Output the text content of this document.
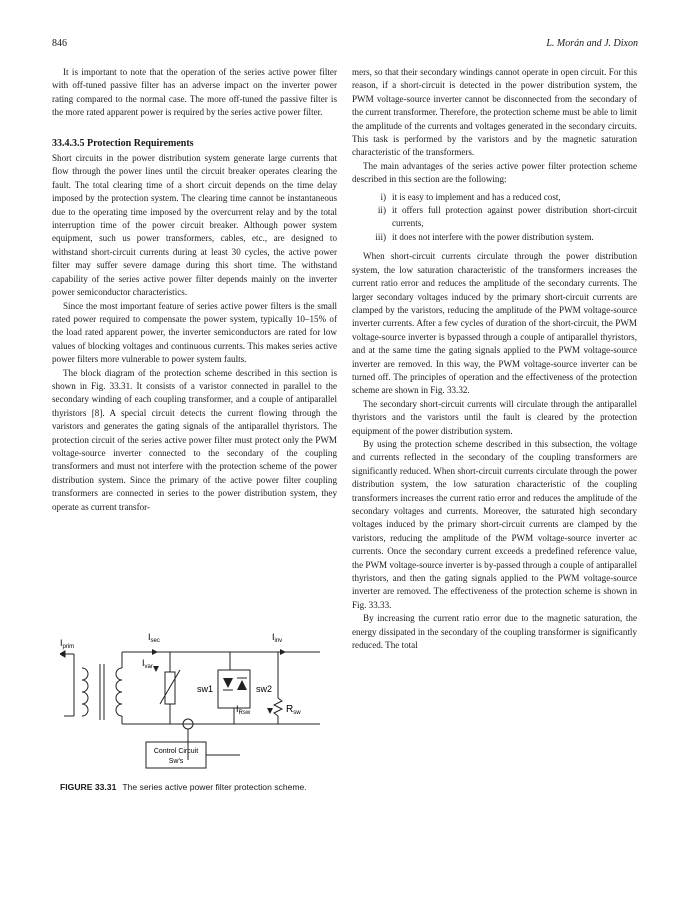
846	L. Morán and J. Dixon

It is important to note that the operation of the series active power filter with off-tuned passive filter has an adverse impact on the inverter power rating compared to the normal case. The more off-tuned the passive filter is the more rated apparent power is required by the series active power filter.

33.4.3.5 Protection Requirements

Short circuits in the power distribution system generate large currents that flow through the power lines until the circuit breaker operates clearing the fault. The total clearing time of a short circuit depends on the time delay imposed by the protection system. The clearing time cannot be instantaneous due to the operating time imposed by the overcurrent relay and by the total interruption time of the power circuit breaker. Although power system equipment, such us power transformers, cables, etc., are designed to withstand short-circuit currents during at least 30 cycles, the active power filter may suffer severe damage during this short time. The withstand capability of the series active power filter depends mainly on the inverter power semiconductor characteristics.

Since the most important feature of series active power filters is the small rated power required to compensate the power system, typically 10–15% of the load rated apparent power, the inverter semiconductors are rated for low values of blocking voltages and continuous currents. This makes series active power filters more vulnerable to power system faults.

The block diagram of the protection scheme described in this section is shown in Fig. 33.31. It consists of a varistor connected in parallel to the secondary winding of each coupling transformer, and a couple of antiparallel thyristors [8]. A special circuit detects the current flowing through the varistors and generates the gating signals of the antiparallel thyristors. The protection circuit of the series active power filter must protect only the PWM voltage-source inverter connected to the secondary of the coupling transformers and must not interfere with the protection scheme of the power distribution system. Since the primary of the active power filter coupling transformers are connected in series to the power distribution system, they operate as current transfor-

mers, so that their secondary windings cannot operate in open circuit. For this reason, if a short-circuit is detected in the power distribution system, the PWM voltage-source inverter cannot be disconnected from the secondary of the current transformer. Therefore, the protection scheme must be able to limit the amplitude of the currents and voltages generated in the secondary circuits. This task is performed by the varistors and by the magnetic saturation characteristic of the transformers.

The main advantages of the series active power filter protection scheme described in this section are the following:

i) it is easy to implement and has a reduced cost,
ii) it offers full protection against power distribution short-circuit currents,
iii) it does not interfere with the power distribution system.

When short-circuit currents circulate through the power distribution system, the low saturation characteristic of the transformers increases the current ratio error and reduces the amplitude of the secondary currents. The larger secondary voltages induced by the primary short-circuit currents are clamped by the varistors, reducing the amplitude of the PWM voltage-source inverter currents. After a few cycles of duration of the short-circuit, the PWM voltage-source inverter is bypassed through a couple of antiparallel thyristors, and at the same time the gating signals applied to the PWM voltage-source inverter are removed. In this way, the PWM voltage-source inverter can be turned off. The principles of operation and the effectiveness of the protection scheme are shown in Fig. 33.32.

The secondary short-circuit currents will circulate through the antiparallel thyristors and the varistors until the fault is cleared by the protection equipment of the power distribution system.

By using the protection scheme described in this subsection, the voltage and currents reflected in the secondary of the coupling transformers are significantly reduced. When short-circuit currents circulate through the power distribution system, the low saturation characteristic of the coupling transformers increases the current ratio error and reduces the amplitude of the secondary voltages and currents. Moreover, the saturated high secondary voltages induced by the primary short-circuit currents are clamped by the varistors, reducing the amplitude of the PWM voltage-source inverter ac currents. Once the secondary current exceeds a predefined reference value, the PWM voltage-source inverter is by-passed through a couple of antiparallel thyristors, and then the gating signals applied to the PWM voltage-source inverter are removed. The effectiveness of the protection scheme is shown in Fig. 33.33.

By increasing the current ratio error due to the magnetic saturation, the energy dissipated in the secondary of the coupling transformer is significantly reduced. The total

$I_{prim}$
$I_{sec}$	$I_{inv}$
$I_{var}$
sw1	sw2
$I_{Rsw}$	$R_{sw}$
Control Circuit
Sw's
FIGURE 33.31 The series active power filter protection scheme.
